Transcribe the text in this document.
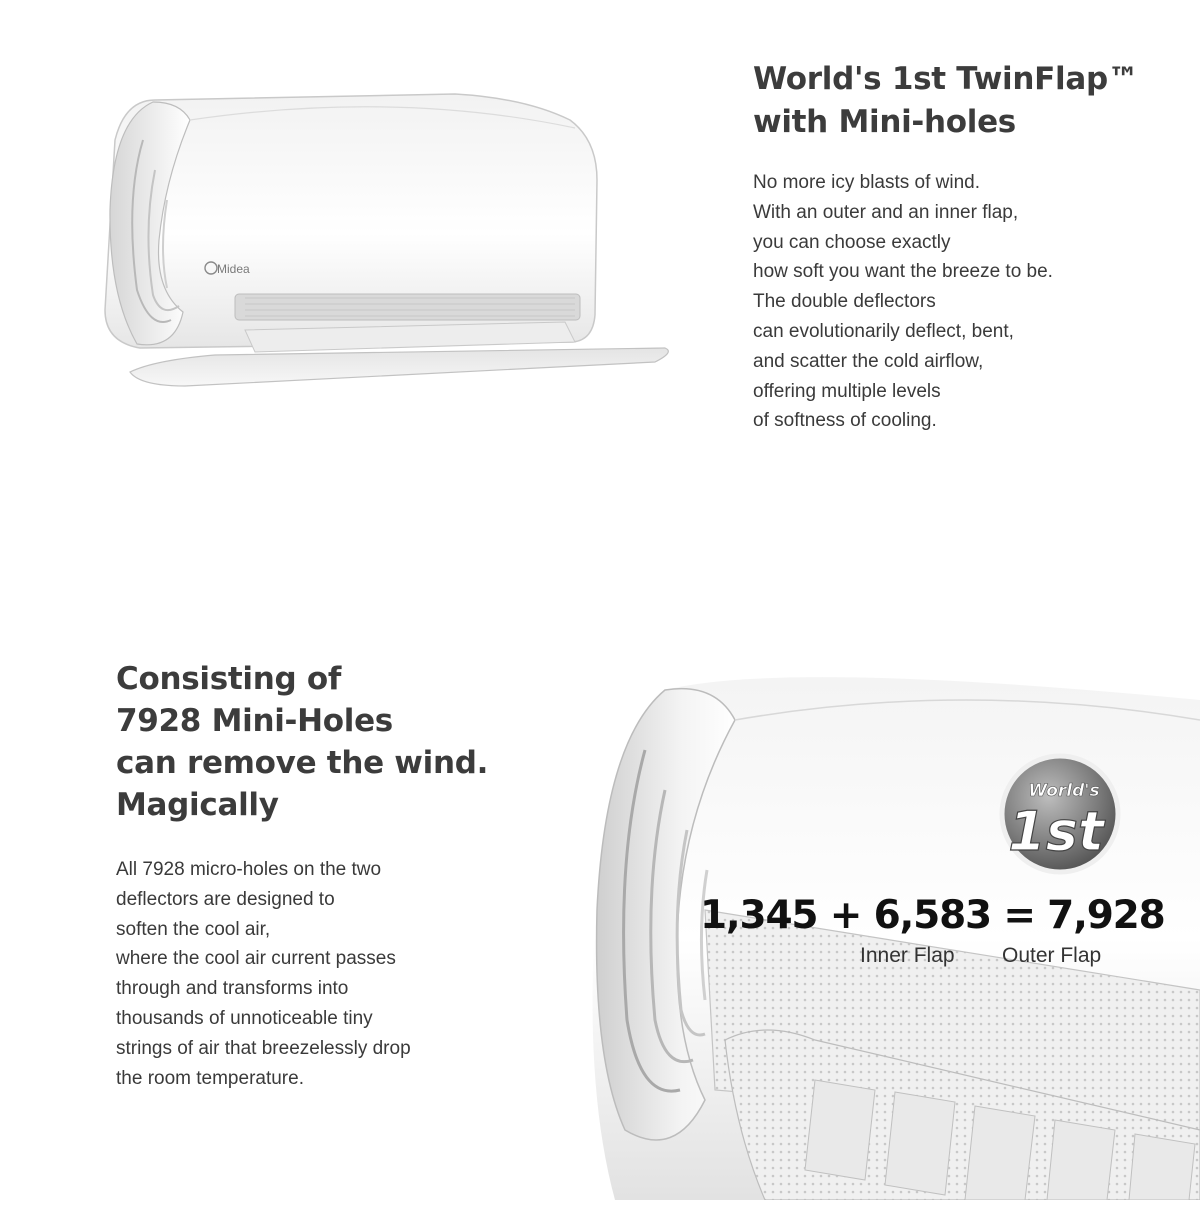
Midea
World's 1st TwinFlap™
with Mini-holes
No more icy blasts of wind.
With an outer and an inner flap,
you can choose exactly
how soft you want the breeze to be.
The double deflectors
can evolutionarily deflect, bent,
and scatter the cold airflow,
offering multiple levels
of softness of cooling.
Consisting of
7928 Mini-Holes
can remove the wind.
Magically
All 7928 micro-holes on the two
deflectors are designed to
soften the cool air,
where the cool air current passes
through and transforms into
thousands of unnoticeable tiny
strings of air that breezelessly drop
the room temperature.
World's
1st
1,345 + 6,583 = 7,928
Inner Flap Outer Flap
